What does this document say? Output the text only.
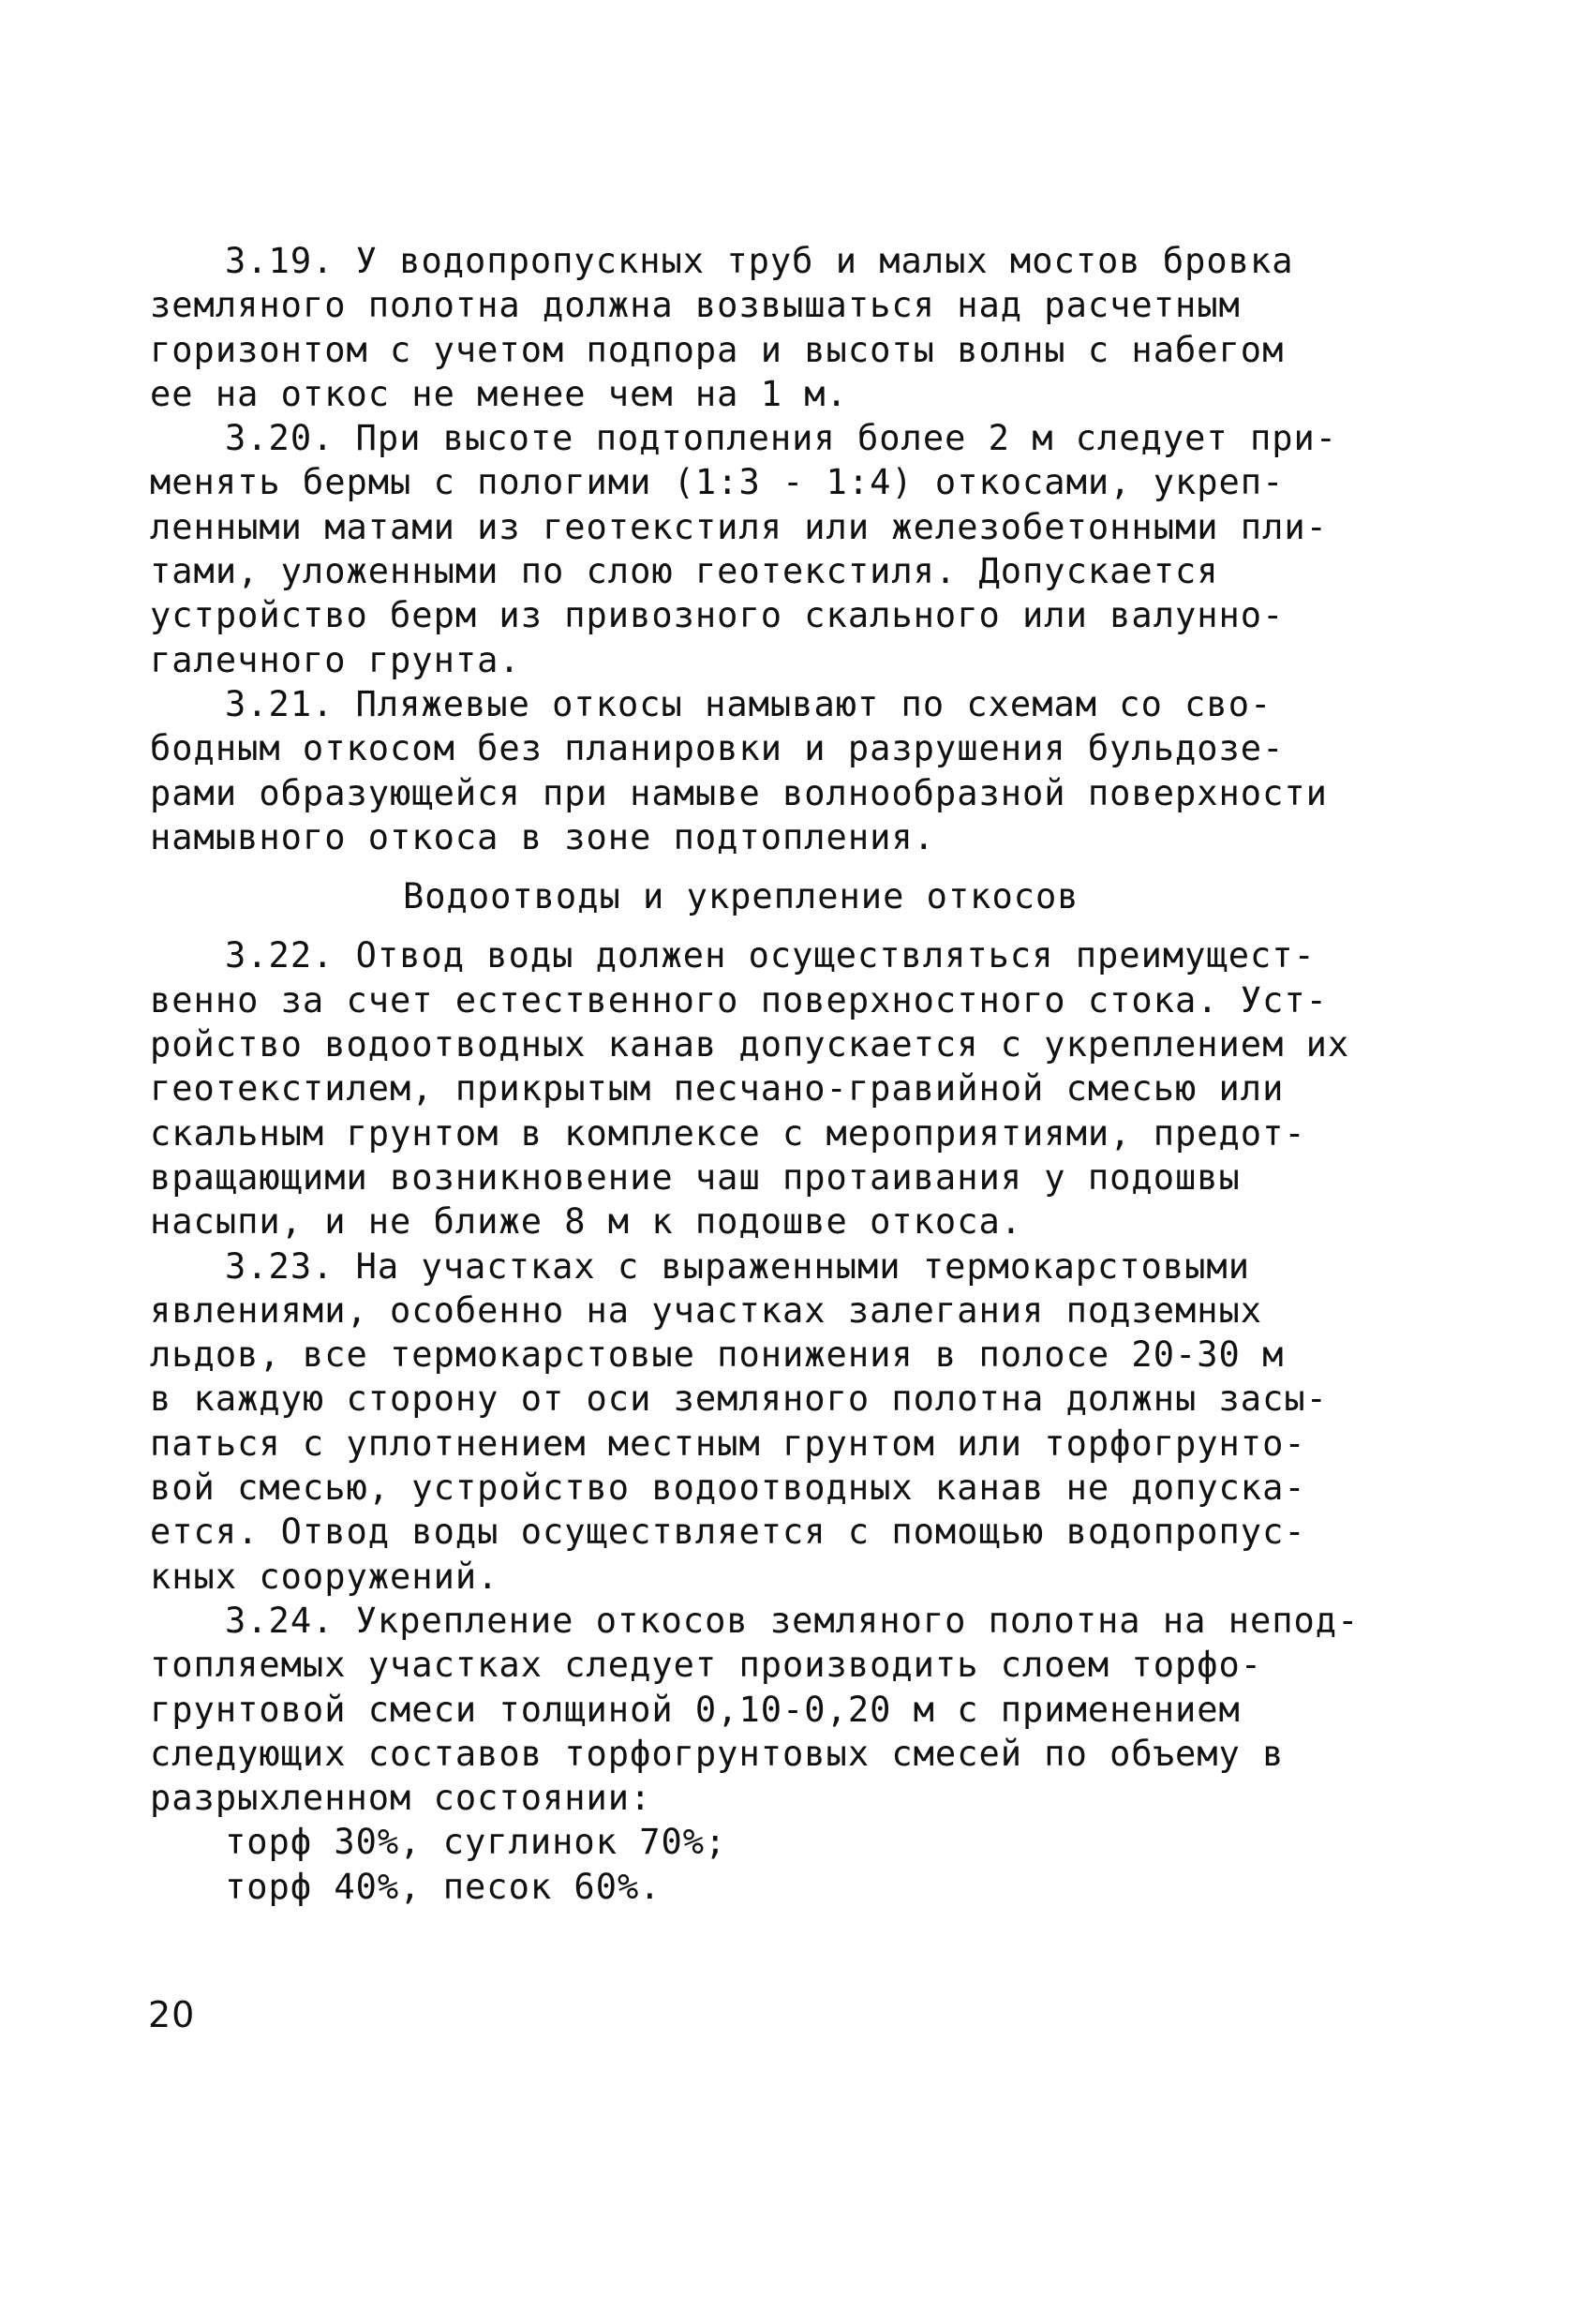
3.19. У водопропускных труб и малых мостов бровка
земляного полотна должна возвышаться над расчетным
горизонтом с учетом подпора и высоты волны с набегом
ее на откос не менее чем на 1 м.
3.20. При высоте подтопления более 2 м следует при-
менять бермы с пологими (1:3 - 1:4) откосами, укреп-
ленными матами из геотекстиля или железобетонными пли-
тами, уложенными по слою геотекстиля. Допускается
устройство берм из привозного скального или валунно-
галечного грунта.
3.21. Пляжевые откосы намывают по схемам со сво-
бодным откосом без планировки и разрушения бульдозе-
рами образующейся при намыве волнообразной поверхности
намывного откоса в зоне подтопления.
Водоотводы и укрепление откосов
3.22. Отвод воды должен осуществляться преимущест-
венно за счет естественного поверхностного стока. Уст-
ройство водоотводных канав допускается с укреплением их
геотекстилем, прикрытым песчано-гравийной смесью или
скальным грунтом в комплексе с мероприятиями, предот-
вращающими возникновение чаш протаивания у подошвы
насыпи, и не ближе 8 м к подошве откоса.
3.23. На участках с выраженными термокарстовыми
явлениями, особенно на участках залегания подземных
льдов, все термокарстовые понижения в полосе 20-30 м
в каждую сторону от оси земляного полотна должны засы-
паться с уплотнением местным грунтом или торфогрунто-
вой смесью, устройство водоотводных канав не допуска-
ется. Отвод воды осуществляется с помощью водопропус-
кных сооружений.
3.24. Укрепление откосов земляного полотна на непод-
топляемых участках следует производить слоем торфо-
грунтовой смеси толщиной 0,10-0,20 м с применением
следующих составов торфогрунтовых смесей по объему в
разрыхленном состоянии:
торф 30%, суглинок 70%;
торф 40%, песок 60%.
20
